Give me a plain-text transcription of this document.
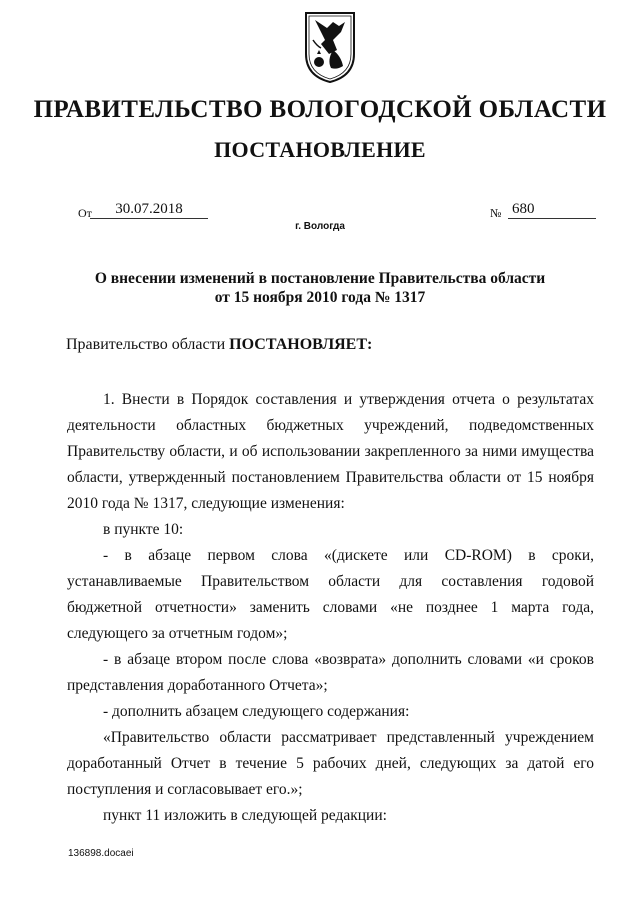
ПРАВИТЕЛЬСТВО ВОЛОГОДСКОЙ ОБЛАСТИ
ПОСТАНОВЛЕНИЕ
От	30.07.2018
г. Вологда
№ 680
О внесении изменений в постановление Правительства области
от 15 ноября 2010 года № 1317
Правительство области ПОСТАНОВЛЯЕТ:

1. Внести в Порядок составления и утверждения отчета о результатах деятельности областных бюджетных учреждений, подведомственных Правительству области, и об использовании закрепленного за ними имущества области, утвержденный постановлением Правительства области от 15 ноября 2010 года № 1317, следующие изменения:

в пункте 10:

- в абзаце первом слова «(дискете или CD-ROM) в сроки, устанавливаемые Правительством области для составления годовой бюджетной отчетности» заменить словами «не позднее 1 марта года, следующего за отчетным годом»;

- в абзаце втором после слова «возврата» дополнить словами «и сроков представления доработанного Отчета»;

- дополнить абзацем следующего содержания:

«Правительство области рассматривает представленный учреждением доработанный Отчет в течение 5 рабочих дней, следующих за датой его поступления и согласовывает его.»;

пункт 11 изложить в следующей редакции:

136898.docaei
